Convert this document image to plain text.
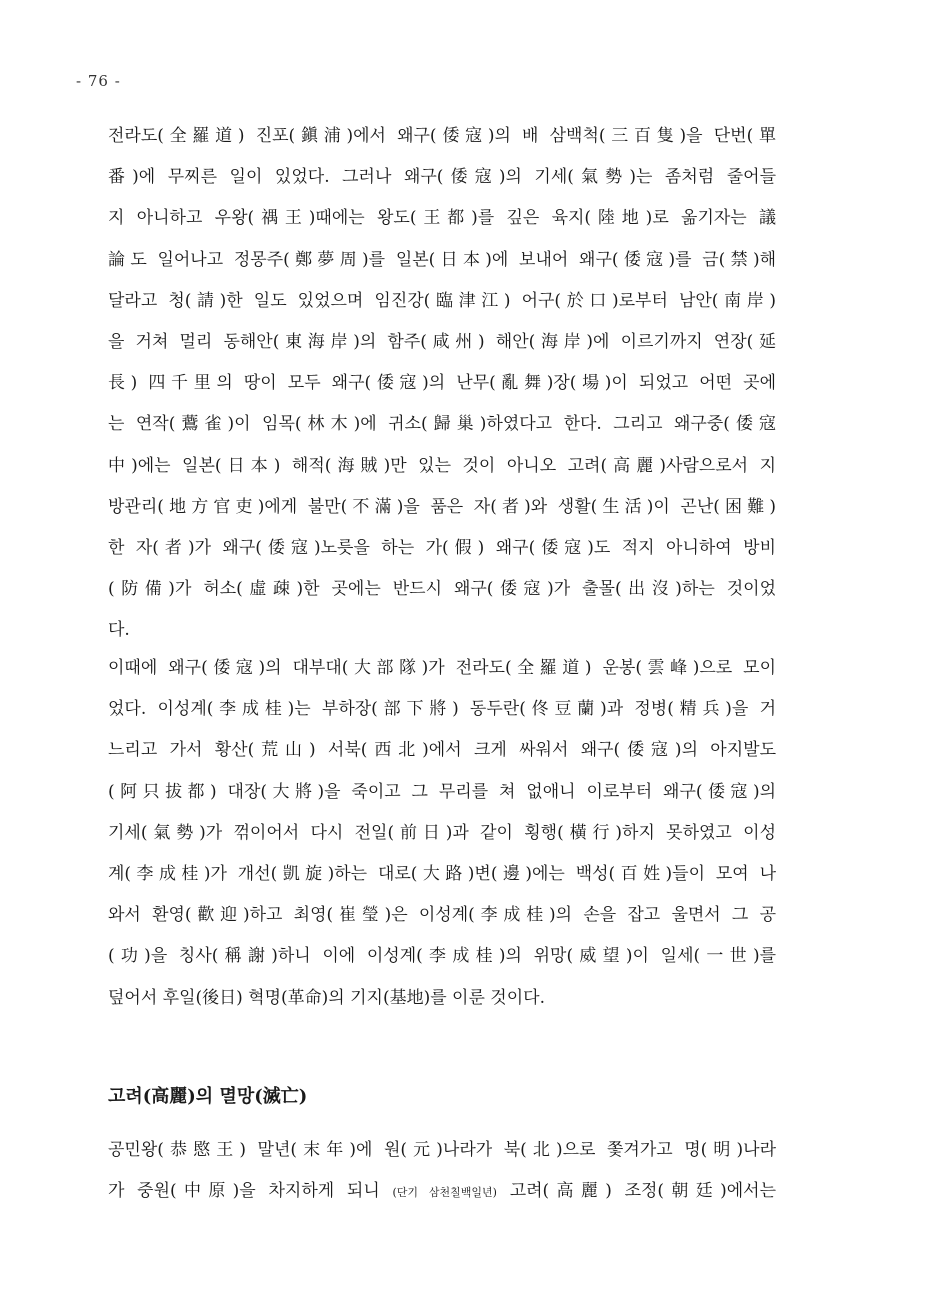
- 76 -
전라도(全羅道) 진포(鎭浦)에서 왜구(倭寇)의 배 삼백척(三百隻)을 단번(單
番)에 무찌른 일이 있었다. 그러나 왜구(倭寇)의 기세(氣勢)는 좀처럼 줄어들
지 아니하고 우왕(禑王)때에는 왕도(王都)를 깊은 육지(陸地)로 옮기자는 議
論도 일어나고 정몽주(鄭夢周)를 일본(日本)에 보내어 왜구(倭寇)를 금(禁)해
달라고 청(請)한 일도 있었으며 임진강(臨津江) 어구(於口)로부터 남안(南岸)
을 거쳐 멀리 동해안(東海岸)의 함주(咸州) 해안(海岸)에 이르기까지 연장(延
長) 四千里의 땅이 모두 왜구(倭寇)의 난무(亂舞)장(場)이 되었고 어떤 곳에
는 연작(鷰雀)이 임목(林木)에 귀소(歸巢)하였다고 한다. 그리고 왜구중(倭寇
中)에는 일본(日本) 해적(海賊)만 있는 것이 아니오 고려(高麗)사람으로서 지
방관리(地方官吏)에게 불만(不滿)을 품은 자(者)와 생활(生活)이 곤난(困難)
한 자(者)가 왜구(倭寇)노릇을 하는 가(假) 왜구(倭寇)도 적지 아니하여 방비
(防備)가 허소(虛疎)한 곳에는 반드시 왜구(倭寇)가 출몰(出沒)하는 것이었
다.
이때에 왜구(倭寇)의 대부대(大部隊)가 전라도(全羅道) 운봉(雲峰)으로 모이
었다. 이성계(李成桂)는 부하장(部下將) 동두란(佟豆蘭)과 정병(精兵)을 거
느리고 가서 황산(荒山) 서북(西北)에서 크게 싸워서 왜구(倭寇)의 아지발도
(阿只拔都) 대장(大將)을 죽이고 그 무리를 쳐 없애니 이로부터 왜구(倭寇)의
기세(氣勢)가 꺾이어서 다시 전일(前日)과 같이 횡행(橫行)하지 못하였고 이성
계(李成桂)가 개선(凱旋)하는 대로(大路)변(邊)에는 백성(百姓)들이 모여 나
와서 환영(歡迎)하고 최영(崔瑩)은 이성계(李成桂)의 손을 잡고 울면서 그 공
(功)을 칭사(稱謝)하니 이에 이성계(李成桂)의 위망(威望)이 일세(一世)를
덮어서 후일(後日) 혁명(革命)의 기지(基地)를 이룬 것이다.
고려(高麗)의 멸망(滅亡)
공민왕(恭愍王) 말년(末年)에 원(元)나라가 북(北)으로 쫓겨가고 명(明)나라
가 중원(中原)을 차지하게 되니 (단기 삼천칠백일년) 고려(高麗) 조정(朝廷)에서는
